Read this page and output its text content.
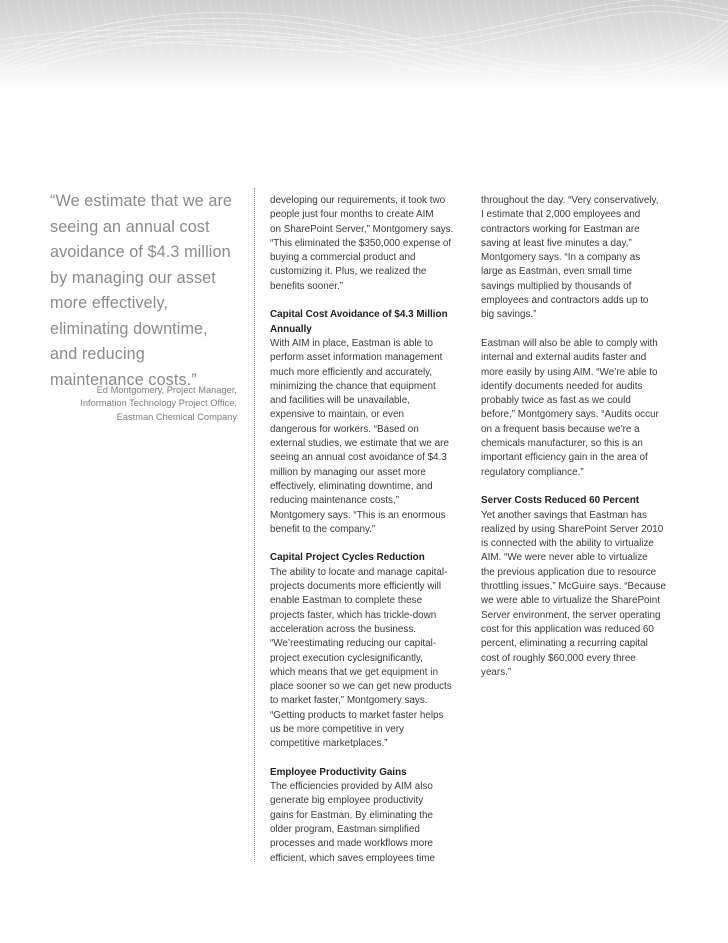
“We estimate that we are
seeing an annual cost
avoidance of $4.3 million
by managing our asset
more effectively,
eliminating downtime,
and reducing
maintenance costs.”
Ed Montgomery, Project Manager,
Information Technology Project Office,
Eastman Chemical Company

developing our requirements, it took two
people just four months to create AIM
on SharePoint Server,” Montgomery says.
“This eliminated the $350,000 expense of
buying a commercial product and
customizing it. Plus, we realized the
benefits sooner.”

Capital Cost Avoidance of $4.3 Million
Annually

With AIM in place, Eastman is able to
perform asset information management
much more efficiently and accurately,
minimizing the chance that equipment
and facilities will be unavailable,
expensive to maintain, or even
dangerous for workers. “Based on
external studies, we estimate that we are
seeing an annual cost avoidance of $4.3
million by managing our asset more
effectively, eliminating downtime, and
reducing maintenance costs,”
Montgomery says. “This is an enormous
benefit to the company.”

Capital Project Cycles Reduction

The ability to locate and manage capital-
projects documents more efficiently will
enable Eastman to complete these
projects faster, which has trickle-down
acceleration across the business.
“We’reestimating reducing our capital-
project execution cyclesignificantly,
which means that we get equipment in
place sooner so we can get new products
to market faster,” Montgomery says.
“Getting products to market faster helps
us be more competitive in very
competitive marketplaces.”

Employee Productivity Gains

The efficiencies provided by AIM also
generate big employee productivity
gains for Eastman. By eliminating the
older program, Eastman simplified
processes and made workflows more
efficient, which saves employees time

throughout the day. “Very conservatively,
I estimate that 2,000 employees and
contractors working for Eastman are
saving at least five minutes a day,”
Montgomery says. “In a company as
large as Eastman, even small time
savings multiplied by thousands of
employees and contractors adds up to
big savings.”

Eastman will also be able to comply with
internal and external audits faster and
more easily by using AIM. “We’re able to
identify documents needed for audits
probably twice as fast as we could
before,” Montgomery says. “Audits occur
on a frequent basis because we’re a
chemicals manufacturer, so this is an
important efficiency gain in the area of
regulatory compliance.”

Server Costs Reduced 60 Percent

Yet another savings that Eastman has
realized by using SharePoint Server 2010
is connected with the ability to virtualize
AIM. “We were never able to virtualize
the previous application due to resource
throttling issues,” McGuire says. “Because
we were able to virtualize the SharePoint
Server environment, the server operating
cost for this application was reduced 60
percent, eliminating a recurring capital
cost of roughly $60,000 every three
years.”
